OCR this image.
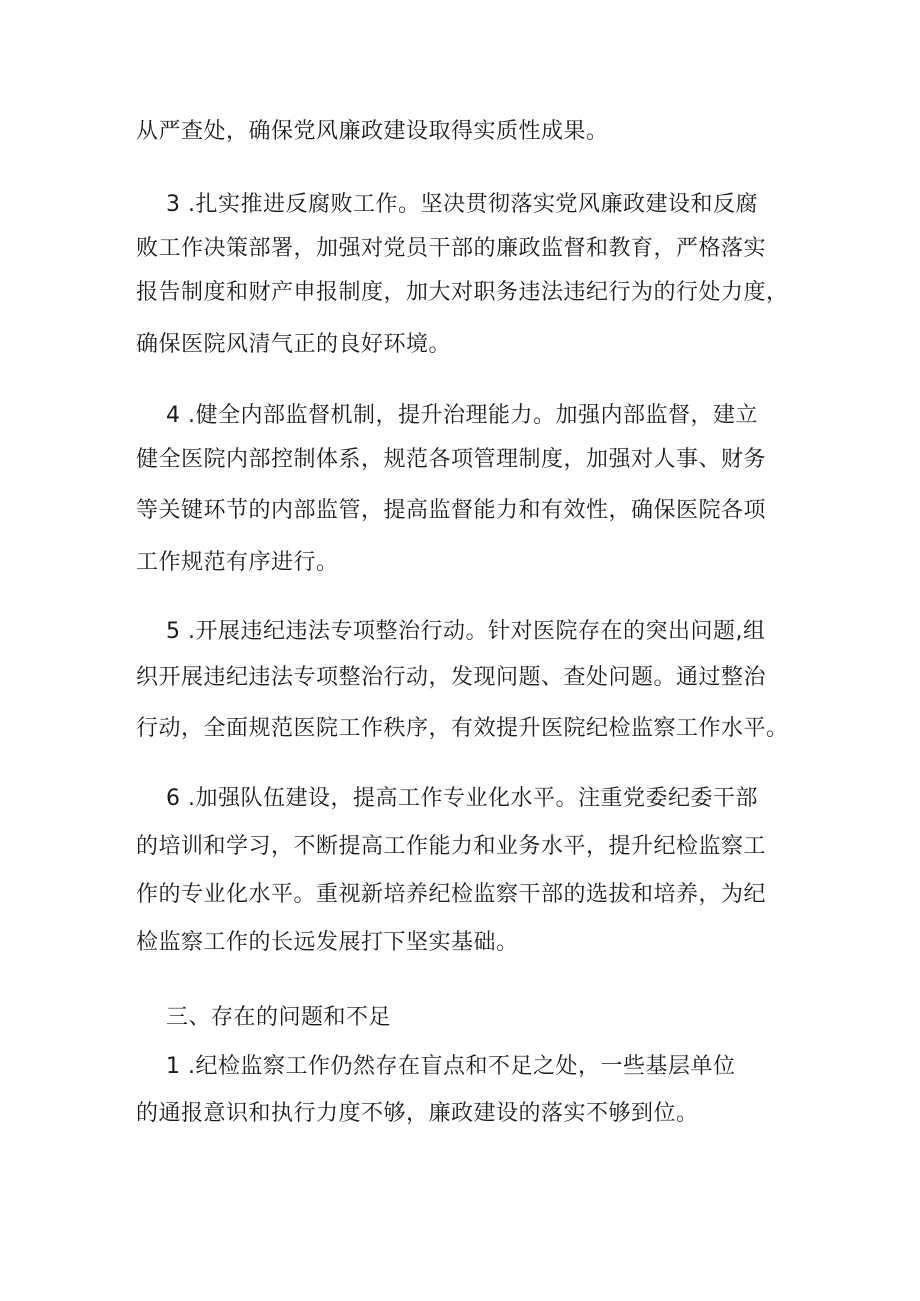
从严查处，确保党风廉政建设取得实质性成果。
3 .扎实推进反腐败工作。坚决贯彻落实党风廉政建设和反腐
败工作决策部署，加强对党员干部的廉政监督和教育，严格落实
报告制度和财产申报制度，加大对职务违法违纪行为的行处力度，
确保医院风清气正的良好环境。
4 .健全内部监督机制，提升治理能力。加强内部监督，建立
健全医院内部控制体系，规范各项管理制度，加强对人事、财务
等关键环节的内部监管，提高监督能力和有效性，确保医院各项
工作规范有序进行。
5 .开展违纪违法专项整治行动。针对医院存在的突出问题,组
织开展违纪违法专项整治行动，发现问题、查处问题。通过整治
行动，全面规范医院工作秩序，有效提升医院纪检监察工作水平。
6 .加强队伍建设，提高工作专业化水平。注重党委纪委干部
的培训和学习，不断提高工作能力和业务水平，提升纪检监察工
作的专业化水平。重视新培养纪检监察干部的选拔和培养，为纪
检监察工作的长远发展打下坚实基础。
三、存在的问题和不足
1 .纪检监察工作仍然存在盲点和不足之处，一些基层单位
的通报意识和执行力度不够，廉政建设的落实不够到位。
